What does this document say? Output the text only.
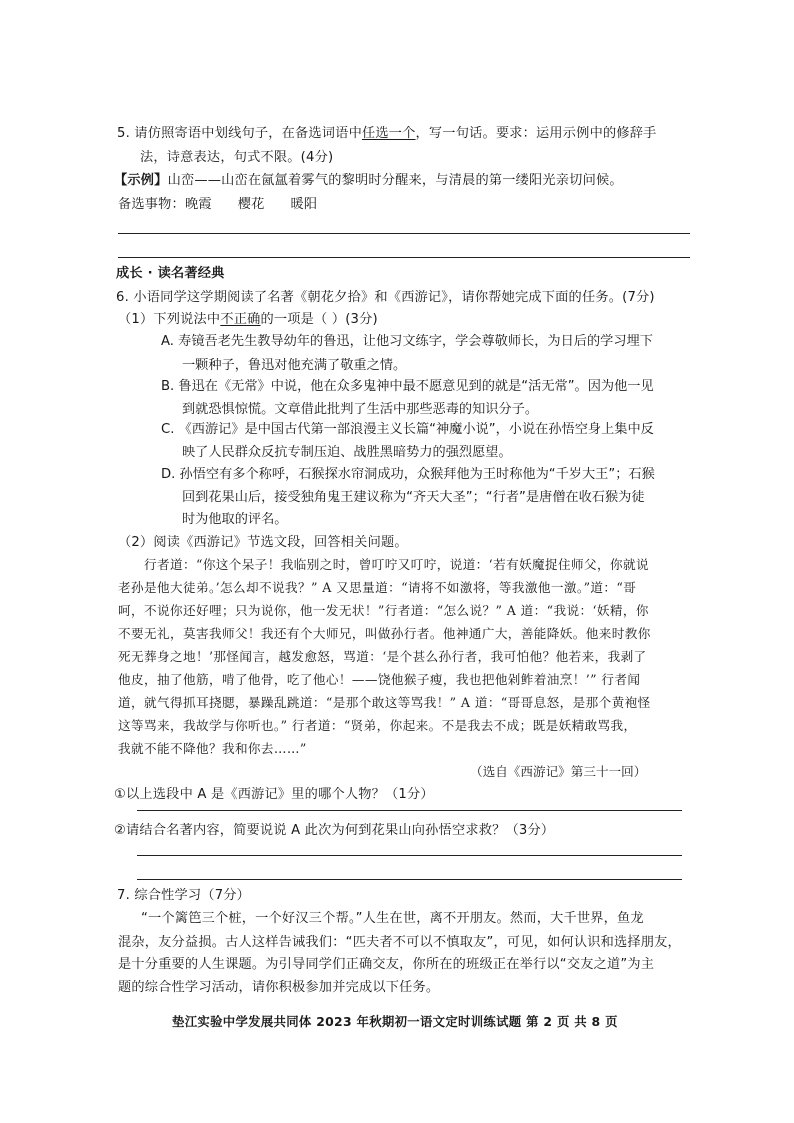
5. 请仿照寄语中划线句子，在备选词语中任选一个，写一句话。要求：运用示例中的修辞手
法，诗意表达，句式不限。(4分)
【示例】山峦——山峦在氤氲着雾气的黎明时分醒来，与清晨的第一缕阳光亲切问候。
备选事物：晚霞 樱花 暖阳
成长 · 读名著经典
6. 小语同学这学期阅读了名著《朝花夕拾》和《西游记》，请你帮她完成下面的任务。(7分)
（1）下列说法中不正确的一项是（ ）(3分)
A. 寿镜吾老先生教导幼年的鲁迅，让他习文练字，学会尊敬师长，为日后的学习埋下
一颗种子，鲁迅对他充满了敬重之情。
B. 鲁迅在《无常》中说，他在众多鬼神中最不愿意见到的就是“活无常”。因为他一见
到就恐惧惊慌。文章借此批判了生活中那些恶毒的知识分子。
C. 《西游记》是中国古代第一部浪漫主义长篇“神魔小说”，小说在孙悟空身上集中反
映了人民群众反抗专制压迫、战胜黑暗势力的强烈愿望。
D. 孙悟空有多个称呼，石猴探水帘洞成功，众猴拜他为王时称他为“千岁大王”；石猴
回到花果山后，接受独角鬼王建议称为“齐天大圣”；“行者”是唐僧在收石猴为徒
时为他取的评名。
（2）阅读《西游记》节选文段，回答相关问题。
行者道：“你这个呆子！我临别之时，曾叮咛又叮咛，说道：‘若有妖魔捉住师父，你就说
老孙是他大徒弟。’怎么却不说我？” A 又思量道：“请将不如激将，等我激他一激。”道：“哥
呵，不说你还好哩；只为说你，他一发无状！”行者道：“怎么说？” A 道：“我说：‘妖精，你
不要无礼，莫害我师父！我还有个大师兄，叫做孙行者。他神通广大，善能降妖。他来时教你
死无葬身之地！’那怪闻言，越发愈怒，骂道：‘是个甚么孙行者，我可怕他？他若来，我剥了
他皮，抽了他筋，啃了他骨，吃了他心！——饶他猴子瘦，我也把他剁鲊着油烹！’” 行者闻
道，就气得抓耳挠腮，暴躁乱跳道：“是那个敢这等骂我！” A 道：“哥哥息怒，是那个黄袍怪
这等骂来，我故学与你听也。” 行者道：“贤弟，你起来。不是我去不成；既是妖精敢骂我，
我就不能不降他？我和你去……”
（选自《西游记》第三十一回）
①以上选段中 A 是《西游记》里的哪个人物？（1分）
②请结合名著内容，简要说说 A 此次为何到花果山向孙悟空求救？（3分）
7. 综合性学习（7分）
“一个篱笆三个桩，一个好汉三个帮。”人生在世，离不开朋友。然而，大千世界，鱼龙
混杂，友分益损。古人这样告诫我们：“匹夫者不可以不慎取友”，可见，如何认识和选择朋友，
是十分重要的人生课题。为引导同学们正确交友，你所在的班级正在举行以“交友之道”为主
题的综合性学习活动，请你积极参加并完成以下任务。
垫江实验中学发展共同体 2023 年秋期初一语文定时训练试题 第 2 页 共 8 页
